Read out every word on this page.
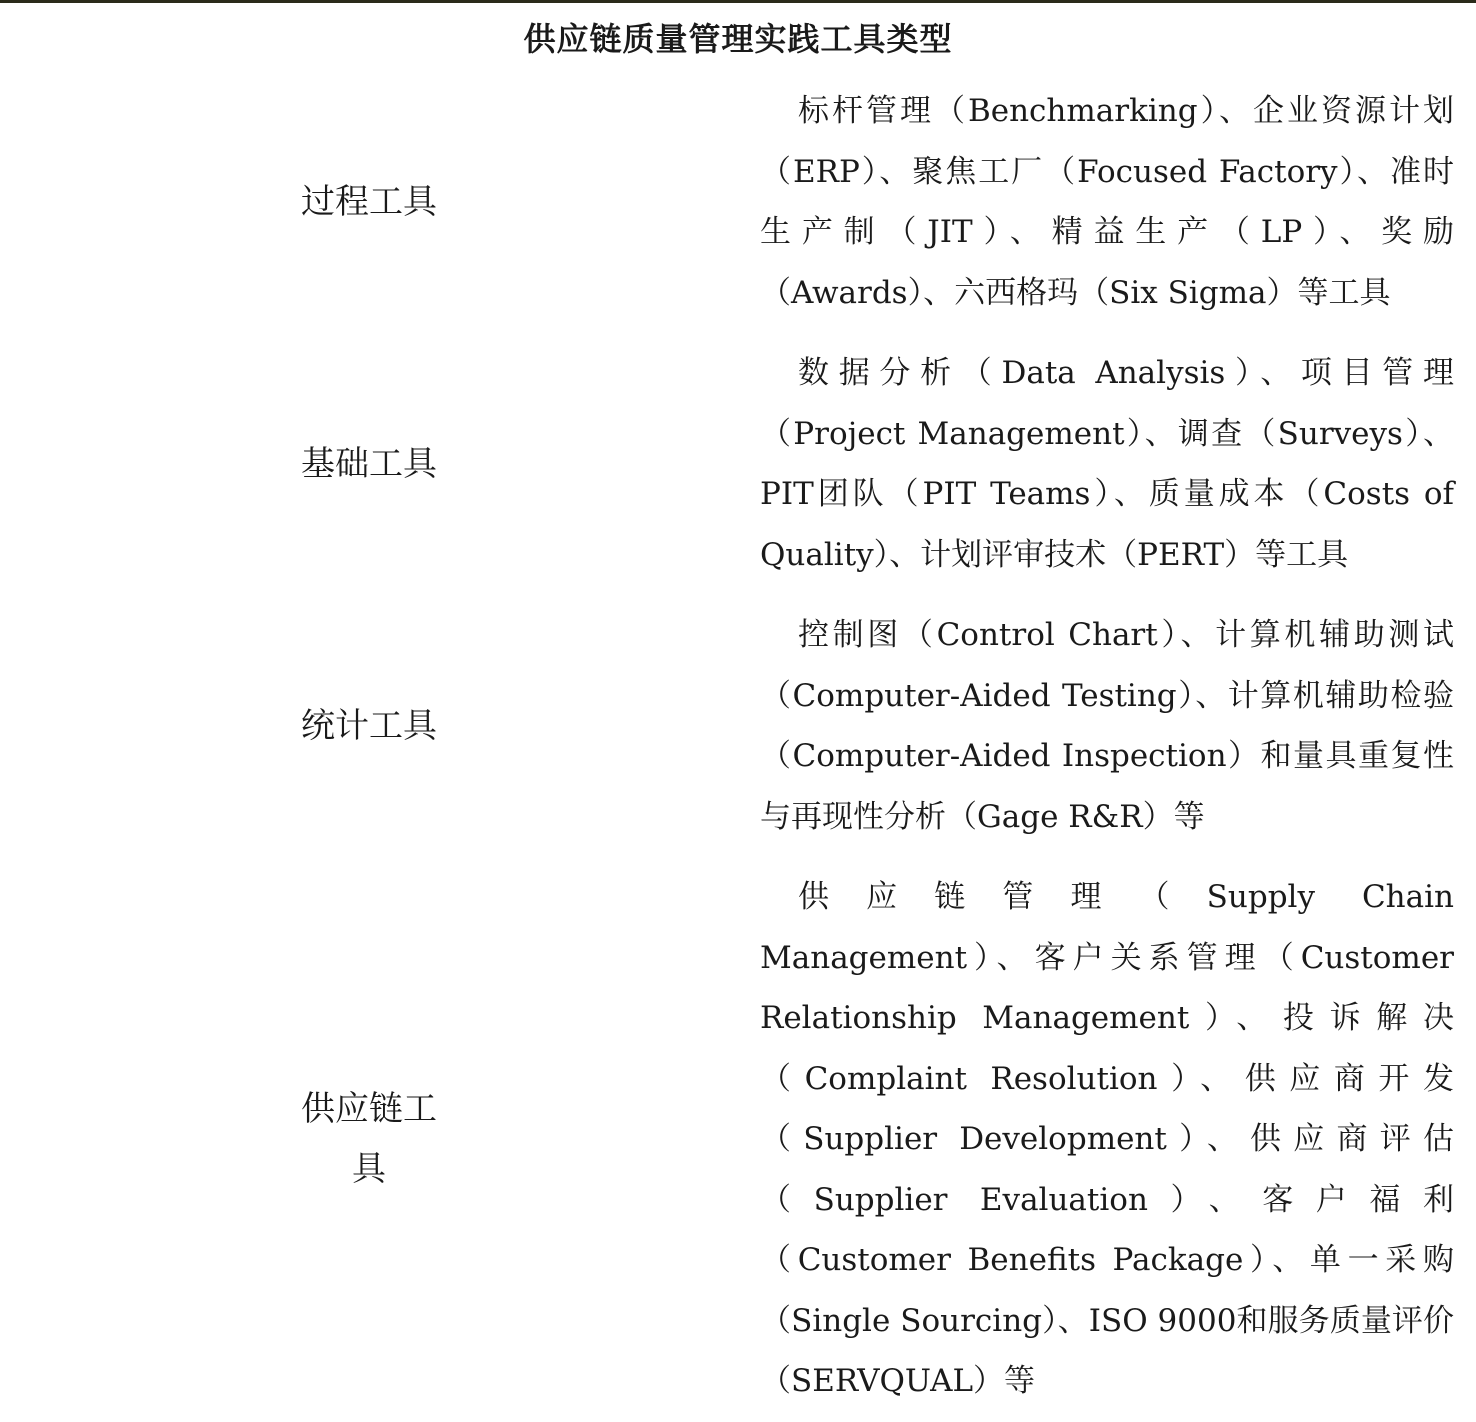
供应链质量管理实践工具类型	
过程工具	标杆管理（Benchmarking）、企业资源计划（ERP）、聚焦工厂（Focused Factory）、准时生产制（JIT）、精益生产（LP）、奖励（Awards）、六西格玛（Six Sigma）等工具
基础工具	数据分析（Data Analysis）、项目管理（Project Management）、调查（Surveys）、PIT团队（PIT Teams）、质量成本（Costs of Quality）、计划评审技术（PERT）等工具
统计工具	控制图（Control Chart）、计算机辅助测试（Computer-Aided Testing）、计算机辅助检验（Computer-Aided Inspection）和量具重复性与再现性分析（Gage R&R）等
供应链工具	供应链管理（Supply Chain Management）、客户关系管理（Customer Relationship Management）、投诉解决（Complaint Resolution）、供应商开发（Supplier Development）、供应商评估（Supplier Evaluation）、客户福利（Customer Benefits Package）、单一采购（Single Sourcing）、ISO 9000和服务质量评价（SERVQUAL）等
